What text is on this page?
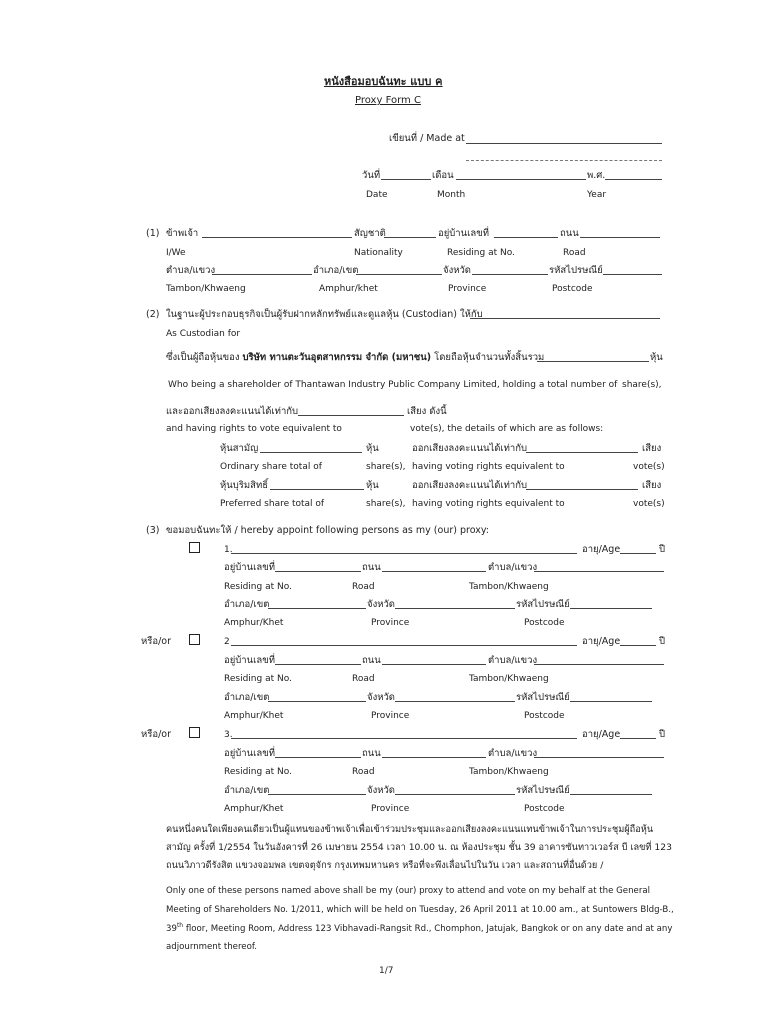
หนังสือมอบฉันทะ แบบ ค
Proxy Form C
เขียนที่ / Made at
วันที่	เดือน	พ.ศ.
Date	Month	Year
(1) ข้าพเจ้า	สัญชาติ	อยู่บ้านเลขที่	ถนน
I/We	Nationality	Residing at No.	Road
ตำบล/แขวง	อำเภอ/เขต	จังหวัด	รหัสไปรษณีย์
Tambon/Khwaeng	Amphur/khet	Province	Postcode
(2) ในฐานะผู้ประกอบธุรกิจเป็นผู้รับฝากหลักทรัพย์และดูแลหุ้น (Custodian) ให้กับ
As Custodian for
ซึ่งเป็นผู้ถือหุ้นของ บริษัท ทานตะวันอุตสาหกรรม จำกัด (มหาชน) โดยถือหุ้นจำนวนทั้งสิ้นรวม	หุ้น
Who being a shareholder of Thantawan Industry Public Company Limited, holding a total number of share(s),
และออกเสียงลงคะแนนได้เท่ากับ	เสียง ดังนี้
and having rights to vote equivalent to	vote(s), the details of which are as follows:
หุ้นสามัญ	หุ้น	ออกเสียงลงคะแนนได้เท่ากับ	เสียง
Ordinary share total of	share(s), having voting rights equivalent to	vote(s)
หุ้นบุริมสิทธิ์	หุ้น	ออกเสียงลงคะแนนได้เท่ากับ	เสียง
Preferred share total of	share(s), having voting rights equivalent to	vote(s)
(3) ขอมอบฉันทะให้ / hereby appoint following persons as my (our) proxy:
1.	อายุ/Age	ปี
อยู่บ้านเลขที่	ถนน	ตำบล/แขวง
Residing at No.	Road	Tambon/Khwaeng
อำเภอ/เขต	จังหวัด	รหัสไปรษณีย์
Amphur/Khet	Province	Postcode
หรือ/or	2	อายุ/Age	ปี
อยู่บ้านเลขที่	ถนน	ตำบล/แขวง
Residing at No.	Road	Tambon/Khwaeng
อำเภอ/เขต	จังหวัด	รหัสไปรษณีย์
Amphur/Khet	Province	Postcode
หรือ/or	3.	อายุ/Age	ปี
อยู่บ้านเลขที่	ถนน	ตำบล/แขวง
Residing at No.	Road	Tambon/Khwaeng
อำเภอ/เขต	จังหวัด	รหัสไปรษณีย์
Amphur/Khet	Province	Postcode
คนหนึ่งคนใดเพียงคนเดียวเป็นผู้แทนของข้าพเจ้าเพื่อเข้าร่วมประชุมและออกเสียงลงคะแนนแทนข้าพเจ้าในการประชุมผู้ถือหุ้น
สามัญ ครั้งที่ 1/2554 ในวันอังคารที่ 26 เมษายน 2554 เวลา 10.00 น. ณ ห้องประชุม ชั้น 39 อาคารซันทาวเวอร์ส บี เลขที่ 123
ถนนวิภาวดีรังสิต แขวงจอมพล เขตจตุจักร กรุงเทพมหานคร หรือที่จะพึงเลื่อนไปในวัน เวลา และสถานที่อื่นด้วย /
Only one of these persons named above shall be my (our) proxy to attend and vote on my behalf at the General
Meeting of Shareholders No. 1/2011, which will be held on Tuesday, 26 April 2011 at 10.00 am., at Suntowers Bldg-B.,
39th floor, Meeting Room, Address 123 Vibhavadi-Rangsit Rd., Chomphon, Jatujak, Bangkok or on any date and at any
adjournment thereof.
1/7
